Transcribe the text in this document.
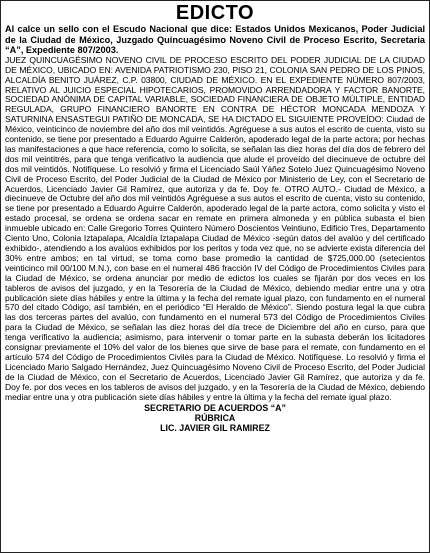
EDICTO

Al calce un sello con el Escudo Nacional que dice: Estados Unidos Mexicanos, Poder Judicial de la Ciudad de México, Juzgado Quincuagésimo Noveno Civil de Proceso Escrito, Secretaria “A”, Expediente 807/2003.

JUEZ QUINCUAGÉSIMO NOVENO CIVIL DE PROCESO ESCRITO DEL PODER JUDICIAL DE LA CIUDAD DE MÉXICO, UBICADO EN: AVENIDA PATRIOTISMO 230, PISO 21, COLONIA SAN PEDRO DE LOS PINOS, ALCALDÍA BENITO JUÁREZ, C.P. 03800, CIUDAD DE MÉXICO. EN EL EXPEDIENTE NÚMERO 807/2003, RELATIVO AL JUICIO ESPECIAL HIPOTECARIOS, PROMOVIDO ARRENDADORA Y FACTOR BANORTE, SOCIEDAD ANÓNIMA DE CAPITAL VARIABLE, SOCIEDAD FINANCIERA DE OBJETO MÚLTIPLE, ENTIDAD REGULADA, GRUPO FINANCIERO BANORTE EN CONTRA DE HÉCTOR MONCADA MENDOZA Y SATURNINA ENSASTEGUI PATIÑO DE MONCADA, SE HA DICTADO EL SIGUIENTE PROVEÍDO: Ciudad de México, veinticinco de noviembre del año dos mil veintidós. Agréguese a sus autos el escrito de cuenta, visto su contenido, se tiene por presentado a Eduardo Aguirre Calderón, apoderado legal de la parte actora; por hechas las manifestaciones a que hace referencia, como lo solicita, se señalan las diez horas del día dos de febrero del dos mil veintitrés, para que tenga verificativo la audiencia que alude el proveído del diecinueve de octubre del dos mil veintidós. Notifíquese. Lo resolvió y firma el Licenciado Saúl Yáñez Sotelo Juez Quincuagésimo Noveno Civil de Proceso Escrito, del Poder Judicial de la Ciudad de México por Ministerio de Ley, con el Secretario de Acuerdos, Licenciado Javier Gil Ramírez, que autoriza y da fe. Doy fe. OTRO AUTO.- Ciudad de México, a diecinueve de Octubre del año dos mil veintidós Agréguese a sus autos el escrito de cuenta, visto su contenido, se tiene por presentado a Eduardo Aguirre Calderón, apoderado legal de la parte actora, como solicita y visto el estado procesal, se ordena se ordena sacar en remate en primera almoneda y en pública subasta el bien inmueble ubicado en: Calle Gregorio Torres Quintero Número Doscientos Veintiuno, Edificio Tres, Departamento Ciento Uno, Colonia Iztapalapa, Alcaldía Iztapalapa Ciudad de México -según datos del avalúo y del certificado exhibido-, atendiendo a los avalúos exhibidos por los peritos y toda vez que, no se advierte exista diferencia del 30% entre ambos; en tal virtud, se toma como base promedio la cantidad de $725,000.00 (setecientos veinticinco mil 00/100 M.N.), con base en el numeral 486 fracción IV del Código de Procedimientos Civiles para la Ciudad de México, se ordena anunciar por medio de edictos los cuales se fijarán por dos veces en los tableros de avisos del juzgado, y en la Tesorería de la Ciudad de México, debiendo mediar entre una y otra publicación siete días hábiles y entre la última y la fecha del remate igual plazo, con fundamento en el numeral 570 del citado Código, así también, en el periódico “El Heraldo de México”. Siendo postura legal la que cubra las dos terceras partes del avalúo, con fundamento en el numeral 573 del Código de Procedimientos Civiles para la Ciudad de México, se señalan las diez horas del día trece de Diciembre del año en curso, para que tenga verificativo la audiencia; asimismo, para intervenir o tomar parte en la subasta deberán los licitadores consignar previamente el 10% del valor de los bienes que sirve de base para el remate, con fundamento en el artículo 574 del Código de Procedimientos Civiles para la Ciudad de México. Notifíquese. Lo resolvió y firma el Licenciado Mario Salgado Hernández, Juez Quincuagésimo Noveno Civil de Proceso Escrito, del Poder Judicial de la Ciudad de México, con el Secretario de Acuerdos, Licenciado Javier Gil Ramírez, que autoriza y da fe. Doy fe. por dos veces en los tableros de avisos del juzgado, y en la Tesorería de la Ciudad de México, debiendo mediar entre una y otra publicación siete días hábiles y entre la última y la fecha del remate igual plazo.

SECRETARIO DE ACUERDOS “A”

RÚBRICA

LIC. JAVIER GIL RAMIREZ
